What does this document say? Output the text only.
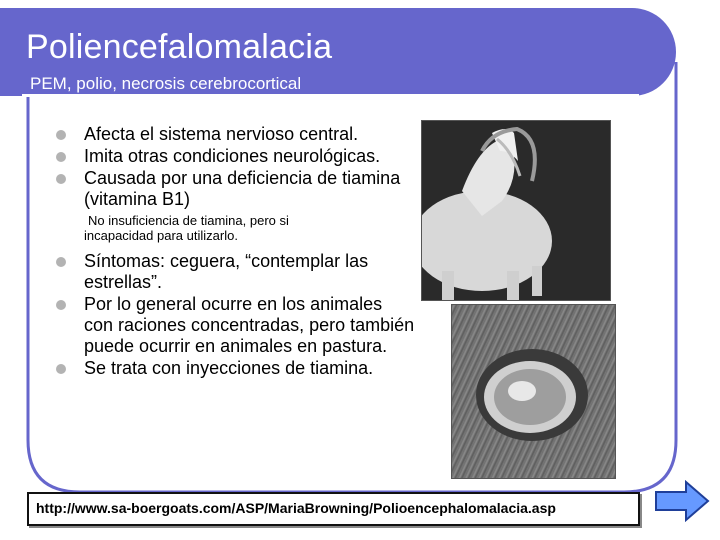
Poliencefalomalacia
PEM, polio, necrosis cerebrocortical
Afecta el sistema nervioso central.
Imita otras condiciones neurológicas.
Causada por una deficiencia de tiamina (vitamina B1)
No insuficiencia de tiamina, pero si
incapacidad para utilizarlo.
Síntomas: ceguera, “contemplar las estrellas”.
Por lo general ocurre en los animales con raciones concentradas, pero también puede ocurrir en animales en pastura.
Se trata con inyecciones de tiamina.
http://www.sa-boergoats.com/ASP/MariaBrowning/Polioencephalomalacia.asp
